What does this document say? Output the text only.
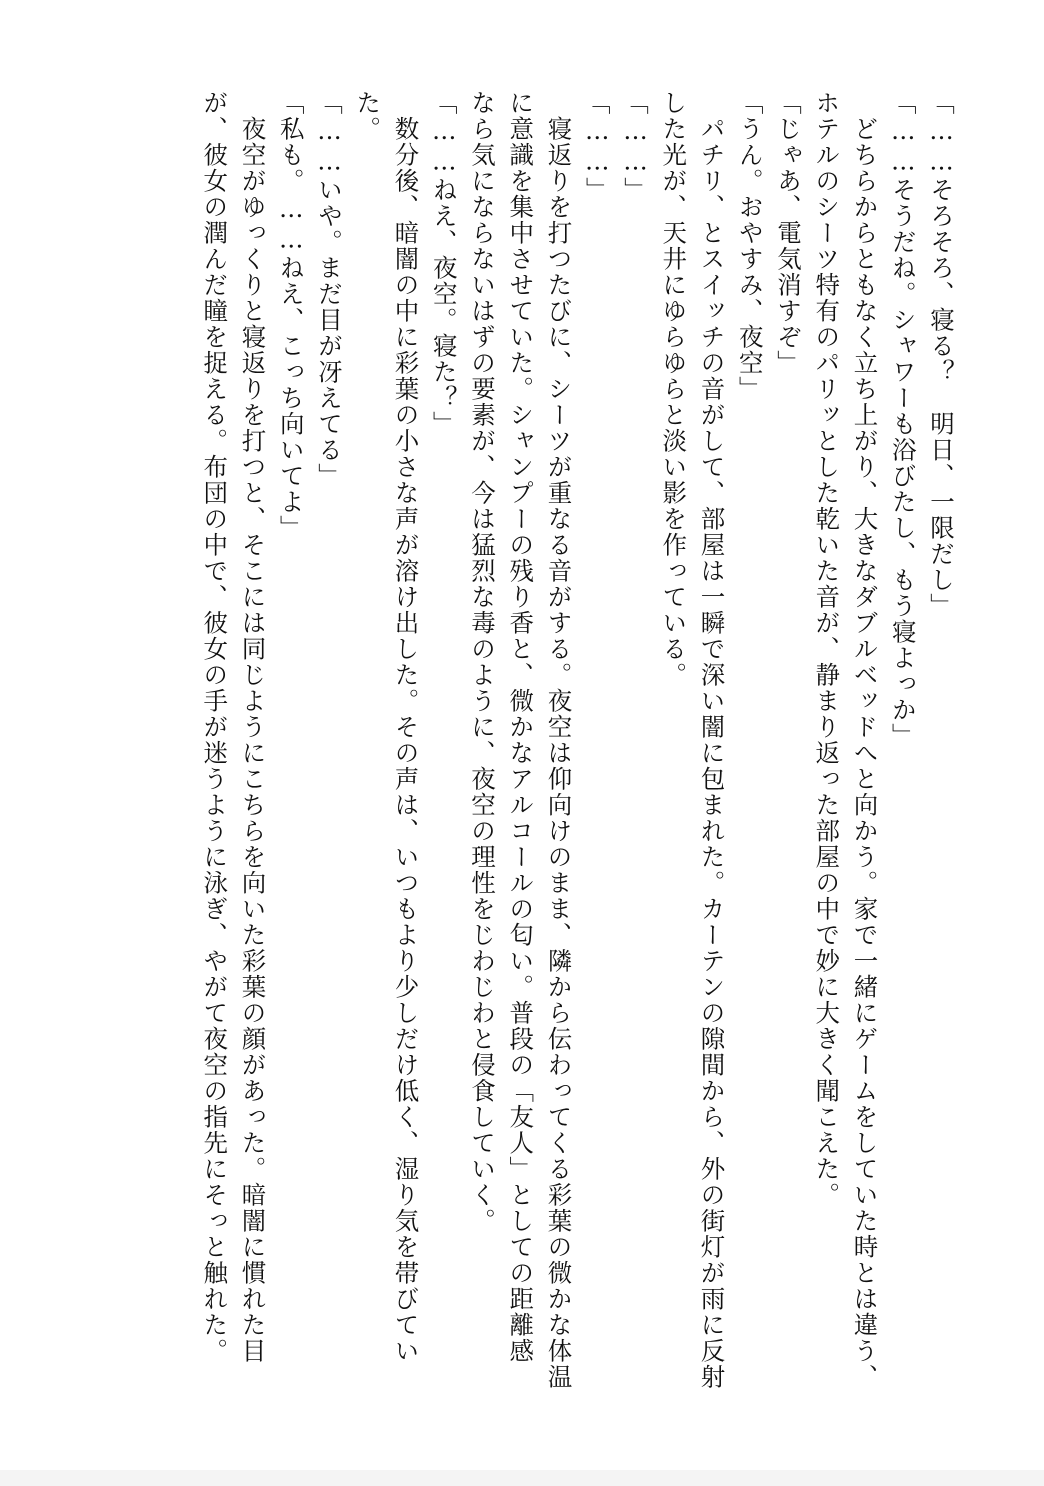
「……そろそろ、寝る？　明日、一限だし」
「……そうだね。シャワーも浴びたし、もう寝よっか」
　どちらからともなく立ち上がり、大きなダブルベッドへと向かう。家で一緒にゲームをしていた時とは違う、
ホテルのシーツ特有のパリッとした乾いた音が、静まり返った部屋の中で妙に大きく聞こえた。
「じゃあ、電気消すぞ」
「うん。おやすみ、夜空」
　パチリ、とスイッチの音がして、部屋は一瞬で深い闇に包まれた。カーテンの隙間から、外の街灯が雨に反射
した光が、天井にゆらゆらと淡い影を作っている。
「……」
「……」
　寝返りを打つたびに、シーツが重なる音がする。夜空は仰向けのまま、隣から伝わってくる彩葉の微かな体温
に意識を集中させていた。シャンプーの残り香と、微かなアルコールの匂い。普段の「友人」としての距離感
なら気にならないはずの要素が、今は猛烈な毒のように、夜空の理性をじわじわと侵食していく。
「……ねえ、夜空。寝た？」
　数分後、暗闇の中に彩葉の小さな声が溶け出した。その声は、いつもより少しだけ低く、湿り気を帯びてい
た。
「……いや。まだ目が冴えてる」
「私も。……ねえ、こっち向いてよ」
　夜空がゆっくりと寝返りを打つと、そこには同じようにこちらを向いた彩葉の顔があった。暗闇に慣れた目
が、彼女の潤んだ瞳を捉える。布団の中で、彼女の手が迷うように泳ぎ、やがて夜空の指先にそっと触れた。
